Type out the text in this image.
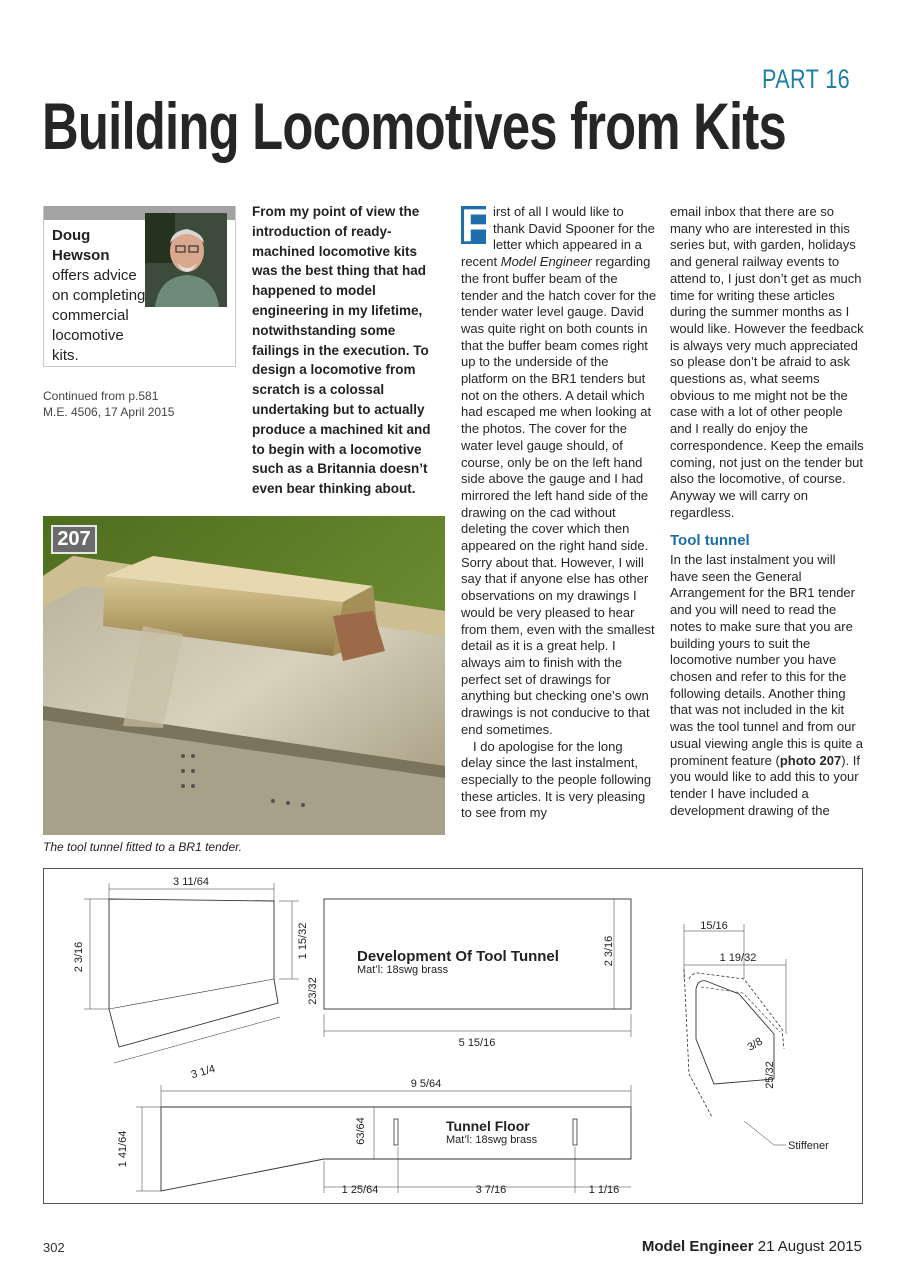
PART 16
Building Locomotives from Kits
Doug
Hewson
offers advice on completing commercial locomotive kits.
Continued from p.581
M.E. 4506, 17 April 2015
From my point of view the introduction of ready-machined locomotive kits was the best thing that had happened to model engineering in my lifetime, notwithstanding some failings in the execution. To design a locomotive from scratch is a colossal undertaking but to actually produce a machined kit and to begin with a locomotive such as a Britannia doesn’t even bear thinking about.

F irst of all I would like to thank David Spooner for the letter which appeared in a recent Model Engineer regarding the front buffer beam of the tender and the hatch cover for the tender water level gauge. David was quite right on both counts in that the buffer beam comes right up to the underside of the platform on the BR1 tenders but not on the others. A detail which had escaped me when looking at the photos. The cover for the water level gauge should, of course, only be on the left hand side above the gauge and I had mirrored the left hand side of the drawing on the cad without deleting the cover which then appeared on the right hand side. Sorry about that. However, I will say that if anyone else has other observations on my drawings I would be very pleased to hear from them, even with the smallest detail as it is a great help. I always aim to finish with the perfect set of drawings for anything but checking one’s own drawings is not conducive to that end sometimes.

I do apologise for the long delay since the last instalment, especially to the people following these articles. It is very pleasing to see from my

email inbox that there are so many who are interested in this series but, with garden, holidays and general railway events to attend to, I just don’t get as much time for writing these articles during the summer months as I would like. However the feedback is always very much appreciated so please don’t be afraid to ask questions as, what seems obvious to me might not be the case with a lot of other people and I really do enjoy the correspondence. Keep the emails coming, not just on the tender but also the locomotive, of course. Anyway we will carry on regardless.

Tool tunnel

In the last instalment you will have seen the General Arrangement for the BR1 tender and you will need to read the notes to make sure that you are building yours to suit the locomotive number you have chosen and refer to this for the following details. Another thing that was not included in the kit was the tool tunnel and from our usual viewing angle this is quite a prominent feature (photo 207). If you would like to add this to your tender I have included a development drawing of the

207
The tool tunnel fitted to a BR1 tender.
3 11/64
2 3/16	1 15/32
23/32
3 1/4
Development Of Tool Tunnel
Mat’l: 18swg brass
2 3/16
5 15/16
9 5/64
1 41/64	63/64	Tunnel Floor
Mat’l: 18swg brass
1 25/64	3 7/16	1 1/16
15/16
1 19/32
3/8
25/32
Stiffener
302	Model Engineer 21 August 2015
